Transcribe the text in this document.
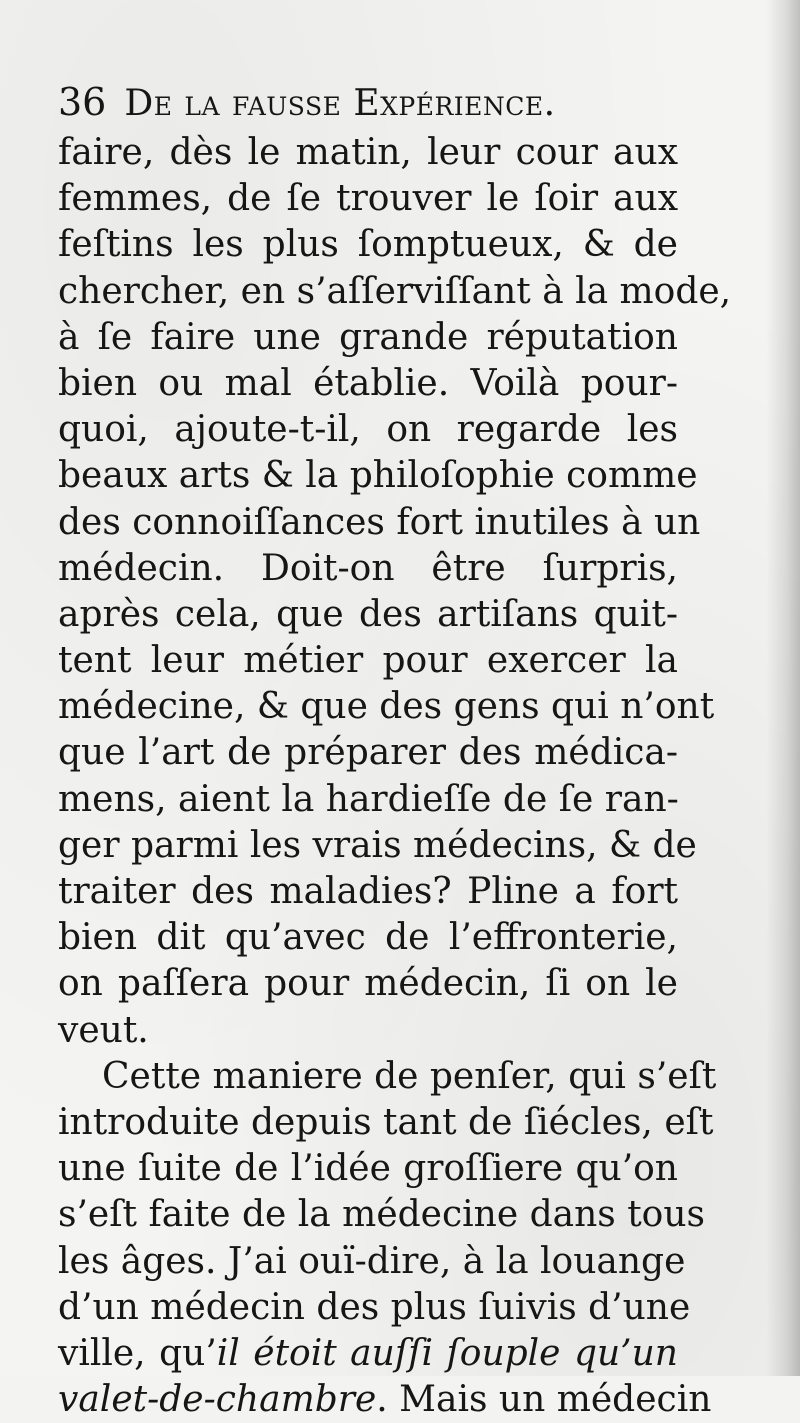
36 De la fausse Expérience.
faire, dès le matin, leur cour aux
femmes, de ſe trouver le ſoir aux
feſtins les plus ſomptueux, & de
chercher, en s’aſſerviſſant à la mode,
à ſe faire une grande réputation
bien ou mal établie. Voilà pour-
quoi, ajoute-t-il, on regarde les
beaux arts & la philoſophie comme
des connoiſſances fort inutiles à un
médecin. Doit-on être ſurpris,
après cela, que des artiſans quit-
tent leur métier pour exercer la
médecine, & que des gens qui n’ont
que l’art de préparer des médica-
mens, aient la hardieſſe de ſe ran-
ger parmi les vrais médecins, & de
traiter des maladies? Pline a fort
bien dit qu’avec de l’effronterie,
on paſſera pour médecin, ſi on le
veut.
Cette maniere de penſer, qui s’eſt
introduite depuis tant de ſiécles, eſt
une ſuite de l’idée groſſiere qu’on
s’eſt faite de la médecine dans tous
les âges. J’ai ouï-dire, à la louange
d’un médecin des plus ſuivis d’une
ville, qu’il étoit auſſi ſouple qu’un
valet-de-chambre. Mais un médecin
